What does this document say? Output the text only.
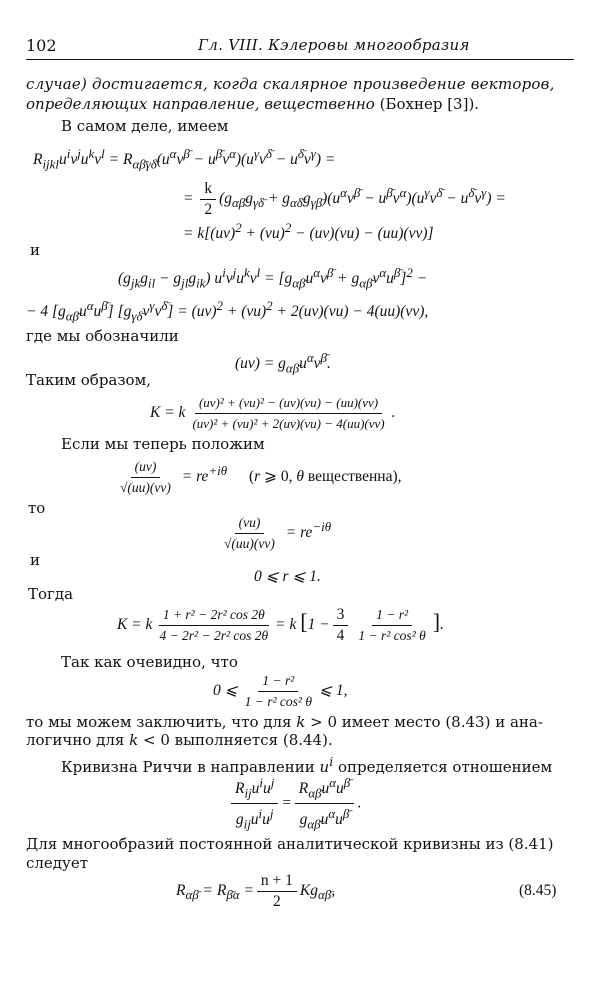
102	Гл. VIII. Кэлеровы многообразия
случае) достигается, когда скалярное произведение векторов,
определяющих направление, вещественно (Бохнер [3]).
В самом деле, имеем
$R_{ijkl}u^iv^ju^kv^l = R_{\alpha\betā\gamma\deltā}(u^\alpha v^{\betā} - u^{\betā}v^\alpha)(u^\gamma v^{\deltā} - u^{\deltā}v^\gamma)$ =
= $\frac{k}{2} (g_{\alpha\betā}g_{\gamma\deltā} + g_{\alpha\deltā}g_{\gamma\betā})(u^\alpha v^{\betā} - u^{\betā}v^\alpha)(u^\gamma v^{\deltā} - u^{\deltā}v^\gamma)$ =
= k[(uv)$^2$ + (vu)$^2$ − (uv)(vu) − (uu)(vv)]
и
$(g_{jk}g_{il} - g_{jl}g_{ik}) u^iv^ju^kv^l = [g_{\alpha\betā}u^\alpha v^{\betā} + g_{\alpha\betā}v^\alpha u^{\betā}]^2$ −
− 4 $[g_{\alpha\betā}u^\alpha u^{\betā}] [g_{\gamma\deltā}v^\gamma v^{\deltā}] = (uv)^2 + (vu)^2 + 2(uv)(vu) - 4(uu)(vv)$,
где мы обозначили
$(uv) = g_{\alpha\betā}u^\alpha v^{\betā}$.
Таким образом,
K = k $\frac{\text{(uv)² + (vu)² − (uv)(vu) − (uu)(vv)}}{\text{(uv)² + (vu)² + 2(uv)(vu) − 4(uu)(vv)}}$ .
Если мы теперь положим
$\frac{(uv)}{√(uu)(vv)} = re^{+i\theta}$ (r ⩾ 0, θ вещественна),
то
$\frac{(vu)}{√(uu)(vv)} = re^{-i\theta}$
и
0 ⩽ r ⩽ 1.
Тогда
K = k $\frac{\text{1 + r² − 2r² cos 2θ}}{\text{4 − 2r² − 2r² cos 2θ}} = k$ [$1 - \frac{3}{4} \frac{\text{1 − r²}}{\text{1 − r² cos² θ}}$ ].
Так как очевидно, что
0 ⩽ $\frac{\text{1 − r²}}{\text{1 − r² cos² θ}}$ ⩽ 1,
то мы можем заключить, что для k > 0 имеет место (8.43) и ана-
логично для k < 0 выполняется (8.44).
Кривизна Риччи в направлении $u^i$ определяется отношением
$\frac{R_{ij}u^iu^j}{g_{ij}u^iu^j} = \frac{R_{\alpha\betā}u^\alpha u^{\betā}}{g_{\alpha\betā}u^\alpha u^{\betā}}$ .
Для многообразий постоянной аналитической кривизны из (8.41)
следует
$R_{\alpha\betā} = R_{\betā\alpha} = \frac{n + 1}{2} Kg_{\alpha\betā}$,	(8.45)
